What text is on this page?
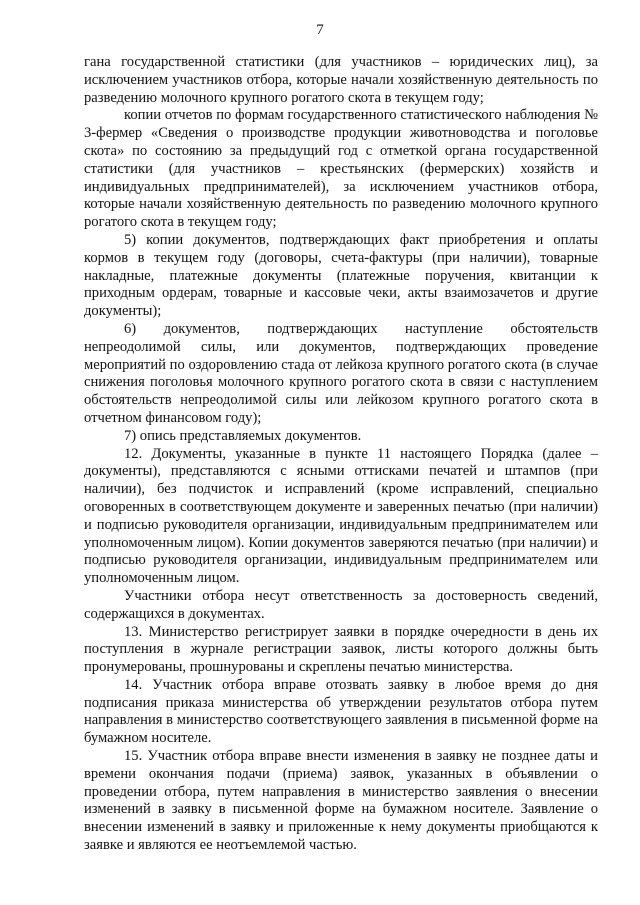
7

гана государственной статистики (для участников – юридических лиц), за исключением участников отбора, которые начали хозяйственную деятельность по разведению молочного крупного рогатого скота в текущем году;

копии отчетов по формам государственного статистического наблюдения № 3-фермер «Сведения о производстве продукции животноводства и поголовье скота» по состоянию за предыдущий год с отметкой органа государственной статистики (для участников – крестьянских (фермерских) хозяйств и индивидуальных предпринимателей), за исключением участников отбора, которые начали хозяйственную деятельность по разведению молочного крупного рогатого скота в текущем году;

5) копии документов, подтверждающих факт приобретения и оплаты кормов в текущем году (договоры, счета-фактуры (при наличии), товарные накладные, платежные документы (платежные поручения, квитанции к приходным ордерам, товарные и кассовые чеки, акты взаимозачетов и другие документы);

6) документов, подтверждающих наступление обстоятельств непреодолимой силы, или документов, подтверждающих проведение мероприятий по оздоровлению стада от лейкоза крупного рогатого скота (в случае снижения поголовья молочного крупного рогатого скота в связи с наступлением обстоятельств непреодолимой силы или лейкозом крупного рогатого скота в отчетном финансовом году);

7) опись представляемых документов.

12. Документы, указанные в пункте 11 настоящего Порядка (далее – документы), представляются с ясными оттисками печатей и штампов (при наличии), без подчисток и исправлений (кроме исправлений, специально оговоренных в соответствующем документе и заверенных печатью (при наличии) и подписью руководителя организации, индивидуальным предпринимателем или уполномоченным лицом). Копии документов заверяются печатью (при наличии) и подписью руководителя организации, индивидуальным предпринимателем или уполномоченным лицом.

Участники отбора несут ответственность за достоверность сведений, содержащихся в документах.

13. Министерство регистрирует заявки в порядке очередности в день их поступления в журнале регистрации заявок, листы которого должны быть пронумерованы, прошнурованы и скреплены печатью министерства.

14. Участник отбора вправе отозвать заявку в любое время до дня подписания приказа министерства об утверждении результатов отбора путем направления в министерство соответствующего заявления в письменной форме на бумажном носителе.

15. Участник отбора вправе внести изменения в заявку не позднее даты и времени окончания подачи (приема) заявок, указанных в объявлении о проведении отбора, путем направления в министерство заявления о внесении изменений в заявку в письменной форме на бумажном носителе. Заявление о внесении изменений в заявку и приложенные к нему документы приобщаются к заявке и являются ее неотъемлемой частью.
